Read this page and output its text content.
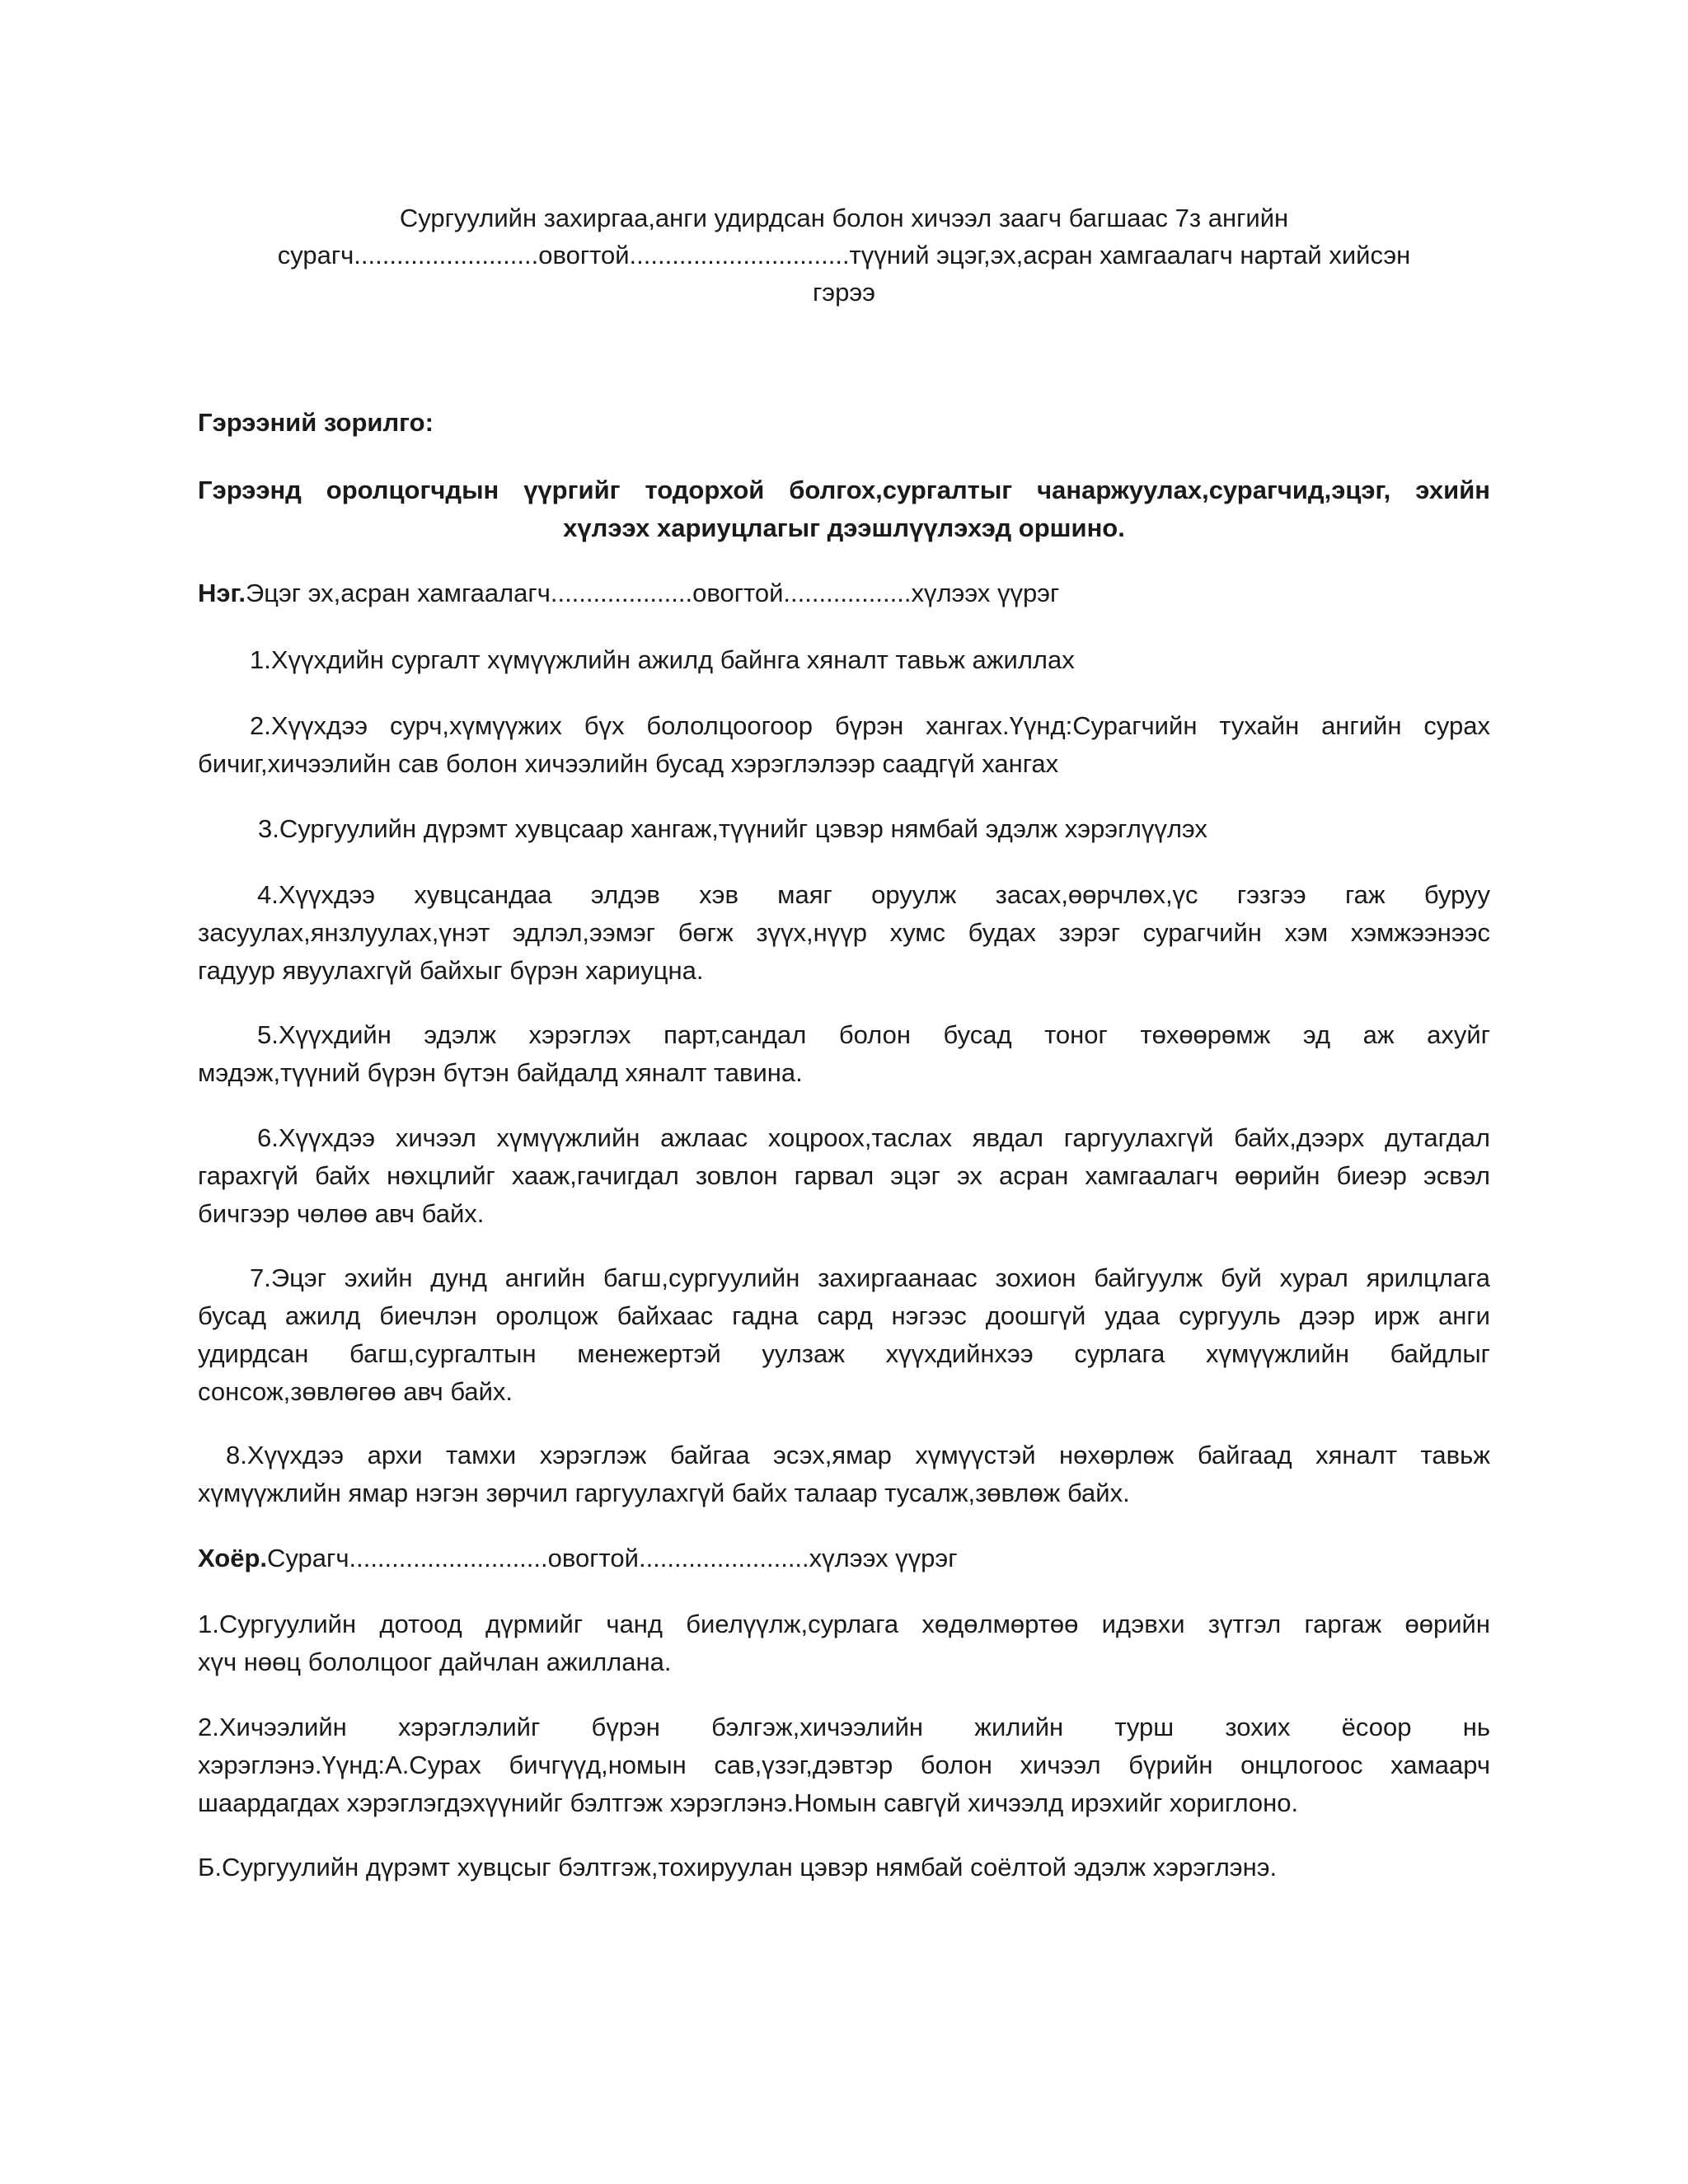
Сургуулийн захиргаа,анги удирдсан болон хичээл заагч багшаас 7з ангийн
сурагч..........................овогтой...............................түүний эцэг,эх,асран хамгаалагч нартай хийсэн
гэрээ
Гэрээний зорилго:
Гэрээнд оролцогчдын үүргийг тодорхой болгох,сургалтыг чанаржуулах,сурагчид,эцэг, эхийн
хүлээх хариуцлагыг дээшлүүлэхэд оршино.
Нэг.Эцэг эх,асран хамгаалагч....................овогтой..................хүлээх үүрэг
1.Хүүхдийн сургалт хүмүүжлийн ажилд байнга хяналт тавьж ажиллах
2.Хүүхдээ сурч,хүмүүжих бүх бололцоогоор бүрэн хангах.Үүнд:Сурагчийн тухайн ангийн сурах
бичиг,хичээлийн сав болон хичээлийн бусад хэрэглэлээр саадгүй хангах
3.Сургуулийн дүрэмт хувцсаар хангаж,түүнийг цэвэр нямбай эдэлж хэрэглүүлэх
4.Хүүхдээ хувцсандаа элдэв хэв маяг оруулж засах,өөрчлөх,үс гэзгээ гаж буруу
засуулах,янзлуулах,үнэт эдлэл,ээмэг бөгж зүүх,нүүр хумс будах зэрэг сурагчийн хэм хэмжээнээс
гадуур явуулахгүй байхыг бүрэн хариуцна.
5.Хүүхдийн эдэлж хэрэглэх парт,сандал болон бусад тоног төхөөрөмж эд аж ахуйг
мэдэж,түүний бүрэн бүтэн байдалд хяналт тавина.
6.Хүүхдээ хичээл хүмүүжлийн ажлаас хоцроох,таслах явдал гаргуулахгүй байх,дээрх дутагдал
гарахгүй байх нөхцлийг хааж,гачигдал зовлон гарвал эцэг эх асран хамгаалагч өөрийн биеэр эсвэл
бичгээр чөлөө авч байх.
7.Эцэг эхийн дунд ангийн багш,сургуулийн захиргаанаас зохион байгуулж буй хурал ярилцлага
бусад ажилд биечлэн оролцож байхаас гадна сард нэгээс доошгүй удаа сургууль дээр ирж анги
удирдсан багш,сургалтын менежертэй уулзаж хүүхдийнхээ сурлага хүмүүжлийн байдлыг
сонсож,зөвлөгөө авч байх.
8.Хүүхдээ архи тамхи хэрэглэж байгаа эсэх,ямар хүмүүстэй нөхөрлөж байгаад хяналт тавьж
хүмүүжлийн ямар нэгэн зөрчил гаргуулахгүй байх талаар тусалж,зөвлөж байх.
Хоёр.Сурагч............................овогтой........................хүлээх үүрэг
1.Сургуулийн дотоод дүрмийг чанд биелүүлж,сурлага хөдөлмөртөө идэвхи зүтгэл гаргаж өөрийн
хүч нөөц бололцоог дайчлан ажиллана.
2.Хичээлийн хэрэглэлийг бүрэн бэлгэж,хичээлийн жилийн турш зохих ёсоор нь
хэрэглэнэ.Үүнд:А.Сурах бичгүүд,номын сав,үзэг,дэвтэр болон хичээл бүрийн онцлогоос хамаарч
шаардагдах хэрэглэгдэхүүнийг бэлтгэж хэрэглэнэ.Номын савгүй хичээлд ирэхийг хориглоно.
Б.Сургуулийн дүрэмт хувцсыг бэлтгэж,тохируулан цэвэр нямбай соёлтой эдэлж хэрэглэнэ.
